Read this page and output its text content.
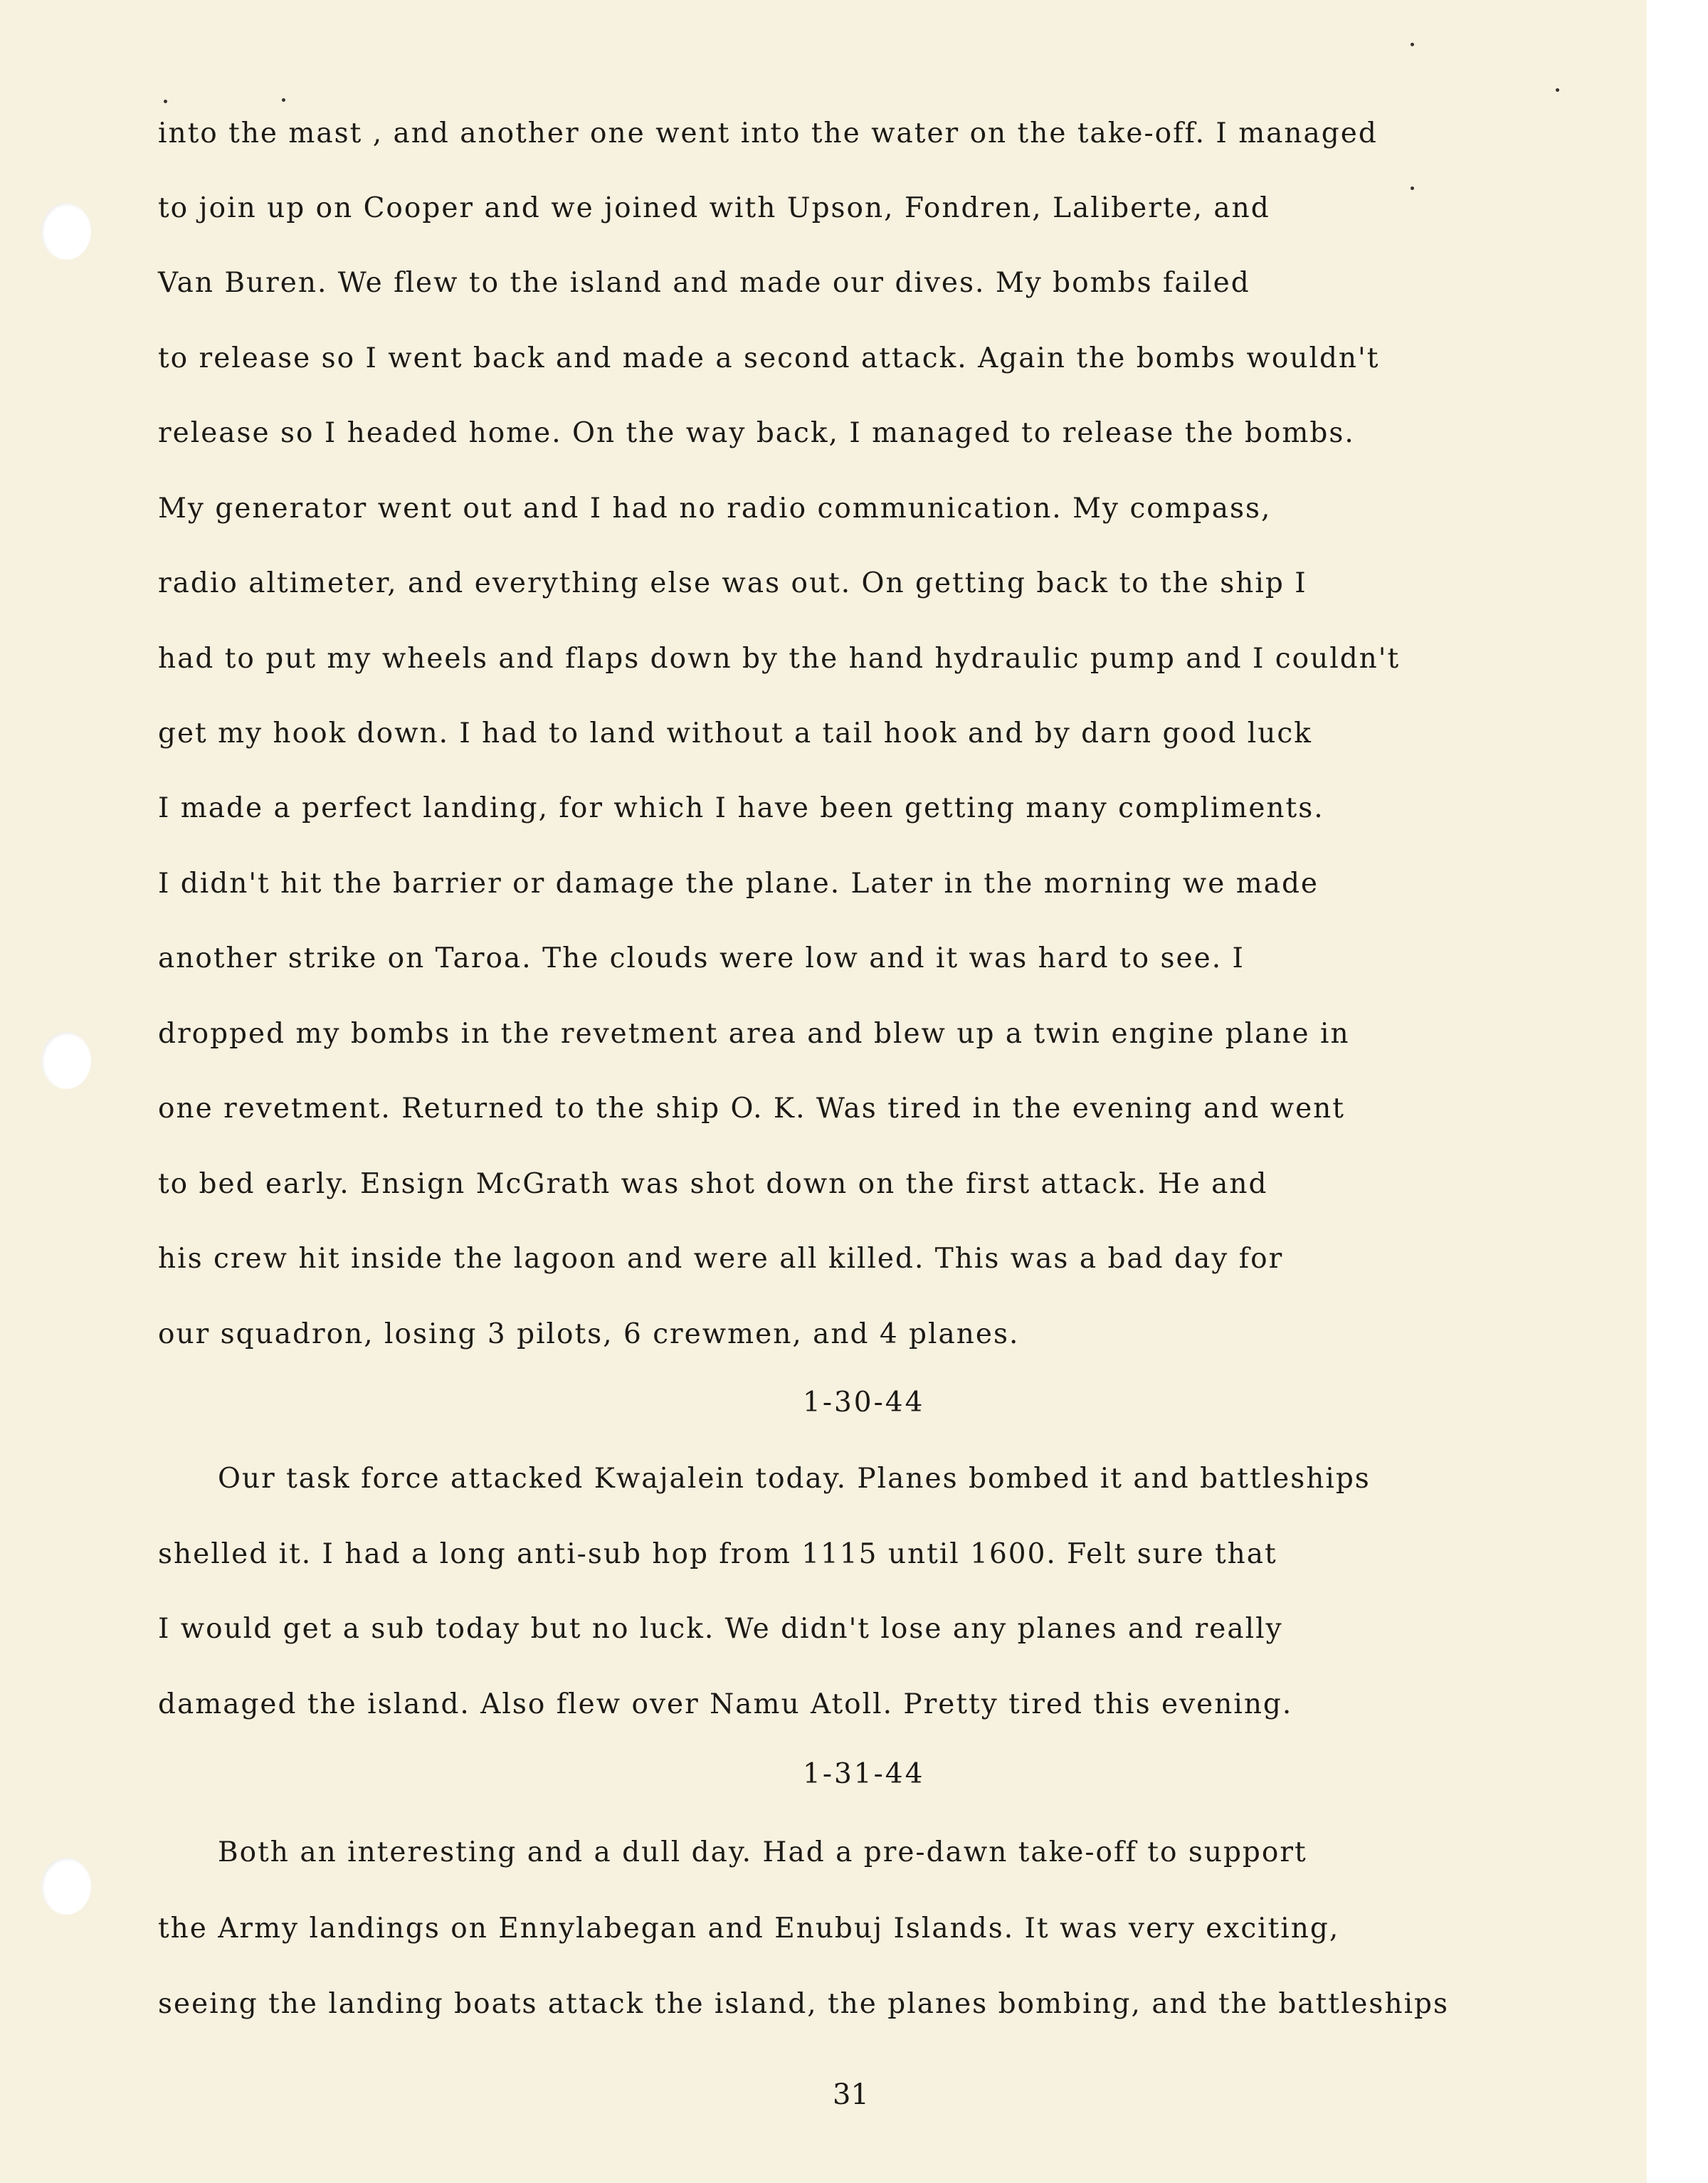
into the mast , and another one went into the water on the take-off. I managed
to join up on Cooper and we joined with Upson, Fondren, Laliberte, and
Van Buren. We flew to the island and made our dives. My bombs failed
to release so I went back and made a second attack. Again the bombs wouldn't
release so I headed home. On the way back, I managed to release the bombs.
My generator went out and I had no radio communication. My compass,
radio altimeter, and everything else was out. On getting back to the ship I
had to put my wheels and flaps down by the hand hydraulic pump and I couldn't
get my hook down. I had to land without a tail hook and by darn good luck
I made a perfect landing, for which I have been getting many compliments.
I didn't hit the barrier or damage the plane. Later in the morning we made
another strike on Taroa. The clouds were low and it was hard to see. I
dropped my bombs in the revetment area and blew up a twin engine plane in
one revetment. Returned to the ship O. K. Was tired in the evening and went
to bed early. Ensign McGrath was shot down on the first attack. He and
his crew hit inside the lagoon and were all killed. This was a bad day for
our squadron, losing 3 pilots, 6 crewmen, and 4 planes.
1-30-44
Our task force attacked Kwajalein today. Planes bombed it and battleships
shelled it. I had a long anti-sub hop from 1115 until 1600. Felt sure that
I would get a sub today but no luck. We didn't lose any planes and really
damaged the island. Also flew over Namu Atoll. Pretty tired this evening.
1-31-44
Both an interesting and a dull day. Had a pre-dawn take-off to support
the Army landings on Ennylabegan and Enubuj Islands. It was very exciting,
seeing the landing boats attack the island, the planes bombing, and the battleships
31
